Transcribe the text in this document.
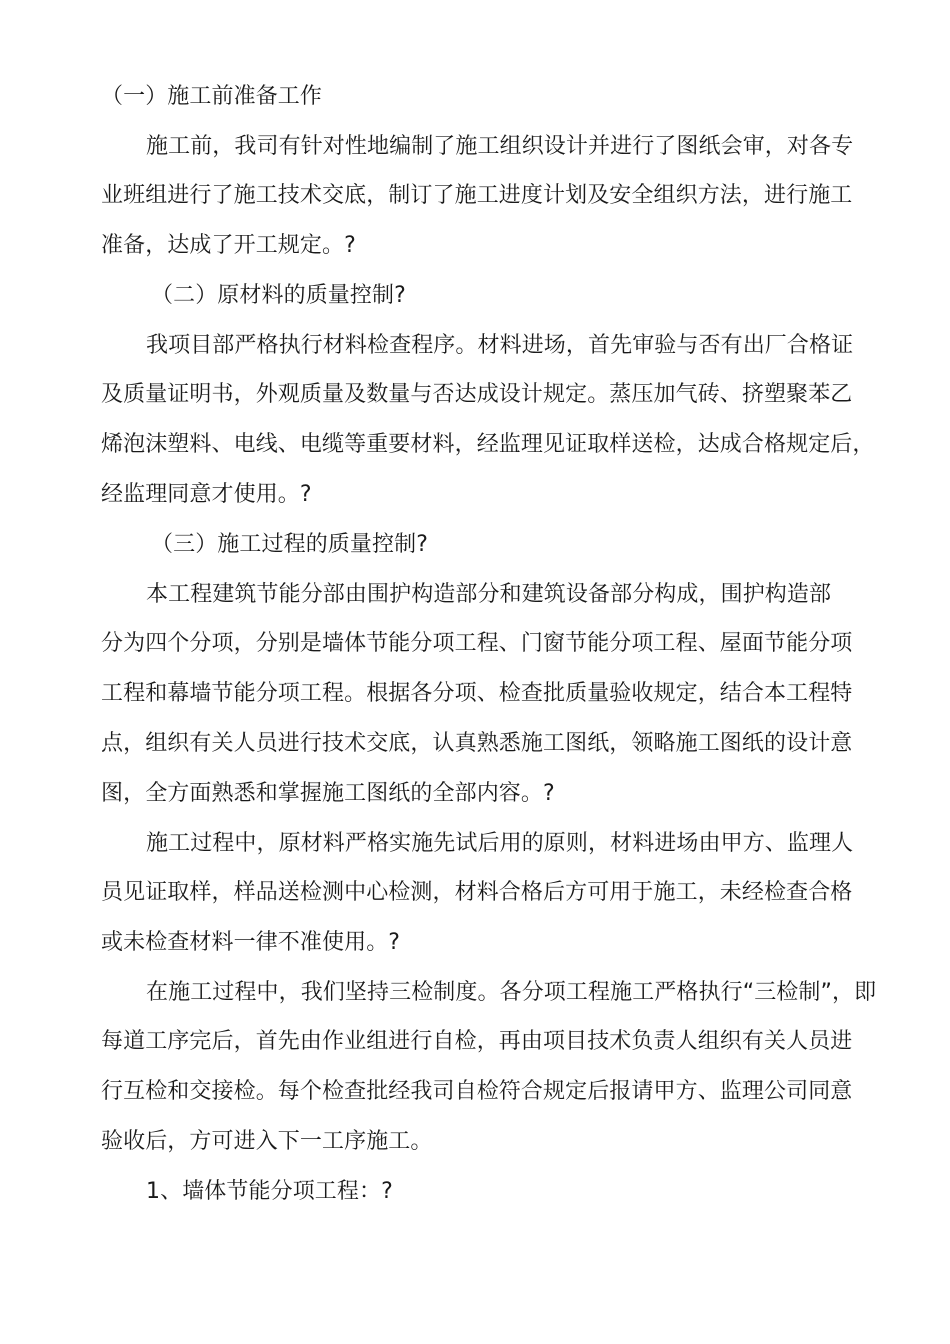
（一）施工前准备工作
施工前，我司有针对性地编制了施工组织设计并进行了图纸会审，对各专
业班组进行了施工技术交底，制订了施工进度计划及安全组织方法，进行施工
准备，达成了开工规定。?
（二）原材料的质量控制?
我项目部严格执行材料检查程序。材料进场，首先审验与否有出厂合格证
及质量证明书，外观质量及数量与否达成设计规定。蒸压加气砖、挤塑聚苯乙
烯泡沫塑料、电线、电缆等重要材料，经监理见证取样送检，达成合格规定后，
经监理同意才使用。?
（三）施工过程的质量控制?
本工程建筑节能分部由围护构造部分和建筑设备部分构成，围护构造部
分为四个分项，分别是墙体节能分项工程、门窗节能分项工程、屋面节能分项
工程和幕墙节能分项工程。根据各分项、检查批质量验收规定，结合本工程特
点，组织有关人员进行技术交底，认真熟悉施工图纸，领略施工图纸的设计意
图，全方面熟悉和掌握施工图纸的全部内容。?
施工过程中，原材料严格实施先试后用的原则，材料进场由甲方、监理人
员见证取样，样品送检测中心检测，材料合格后方可用于施工，未经检查合格
或未检查材料一律不准使用。?
在施工过程中，我们坚持三检制度。各分项工程施工严格执行“三检制”，即
每道工序完后，首先由作业组进行自检，再由项目技术负责人组织有关人员进
行互检和交接检。每个检查批经我司自检符合规定后报请甲方、监理公司同意
验收后，方可进入下一工序施工。
1、墙体节能分项工程：?
